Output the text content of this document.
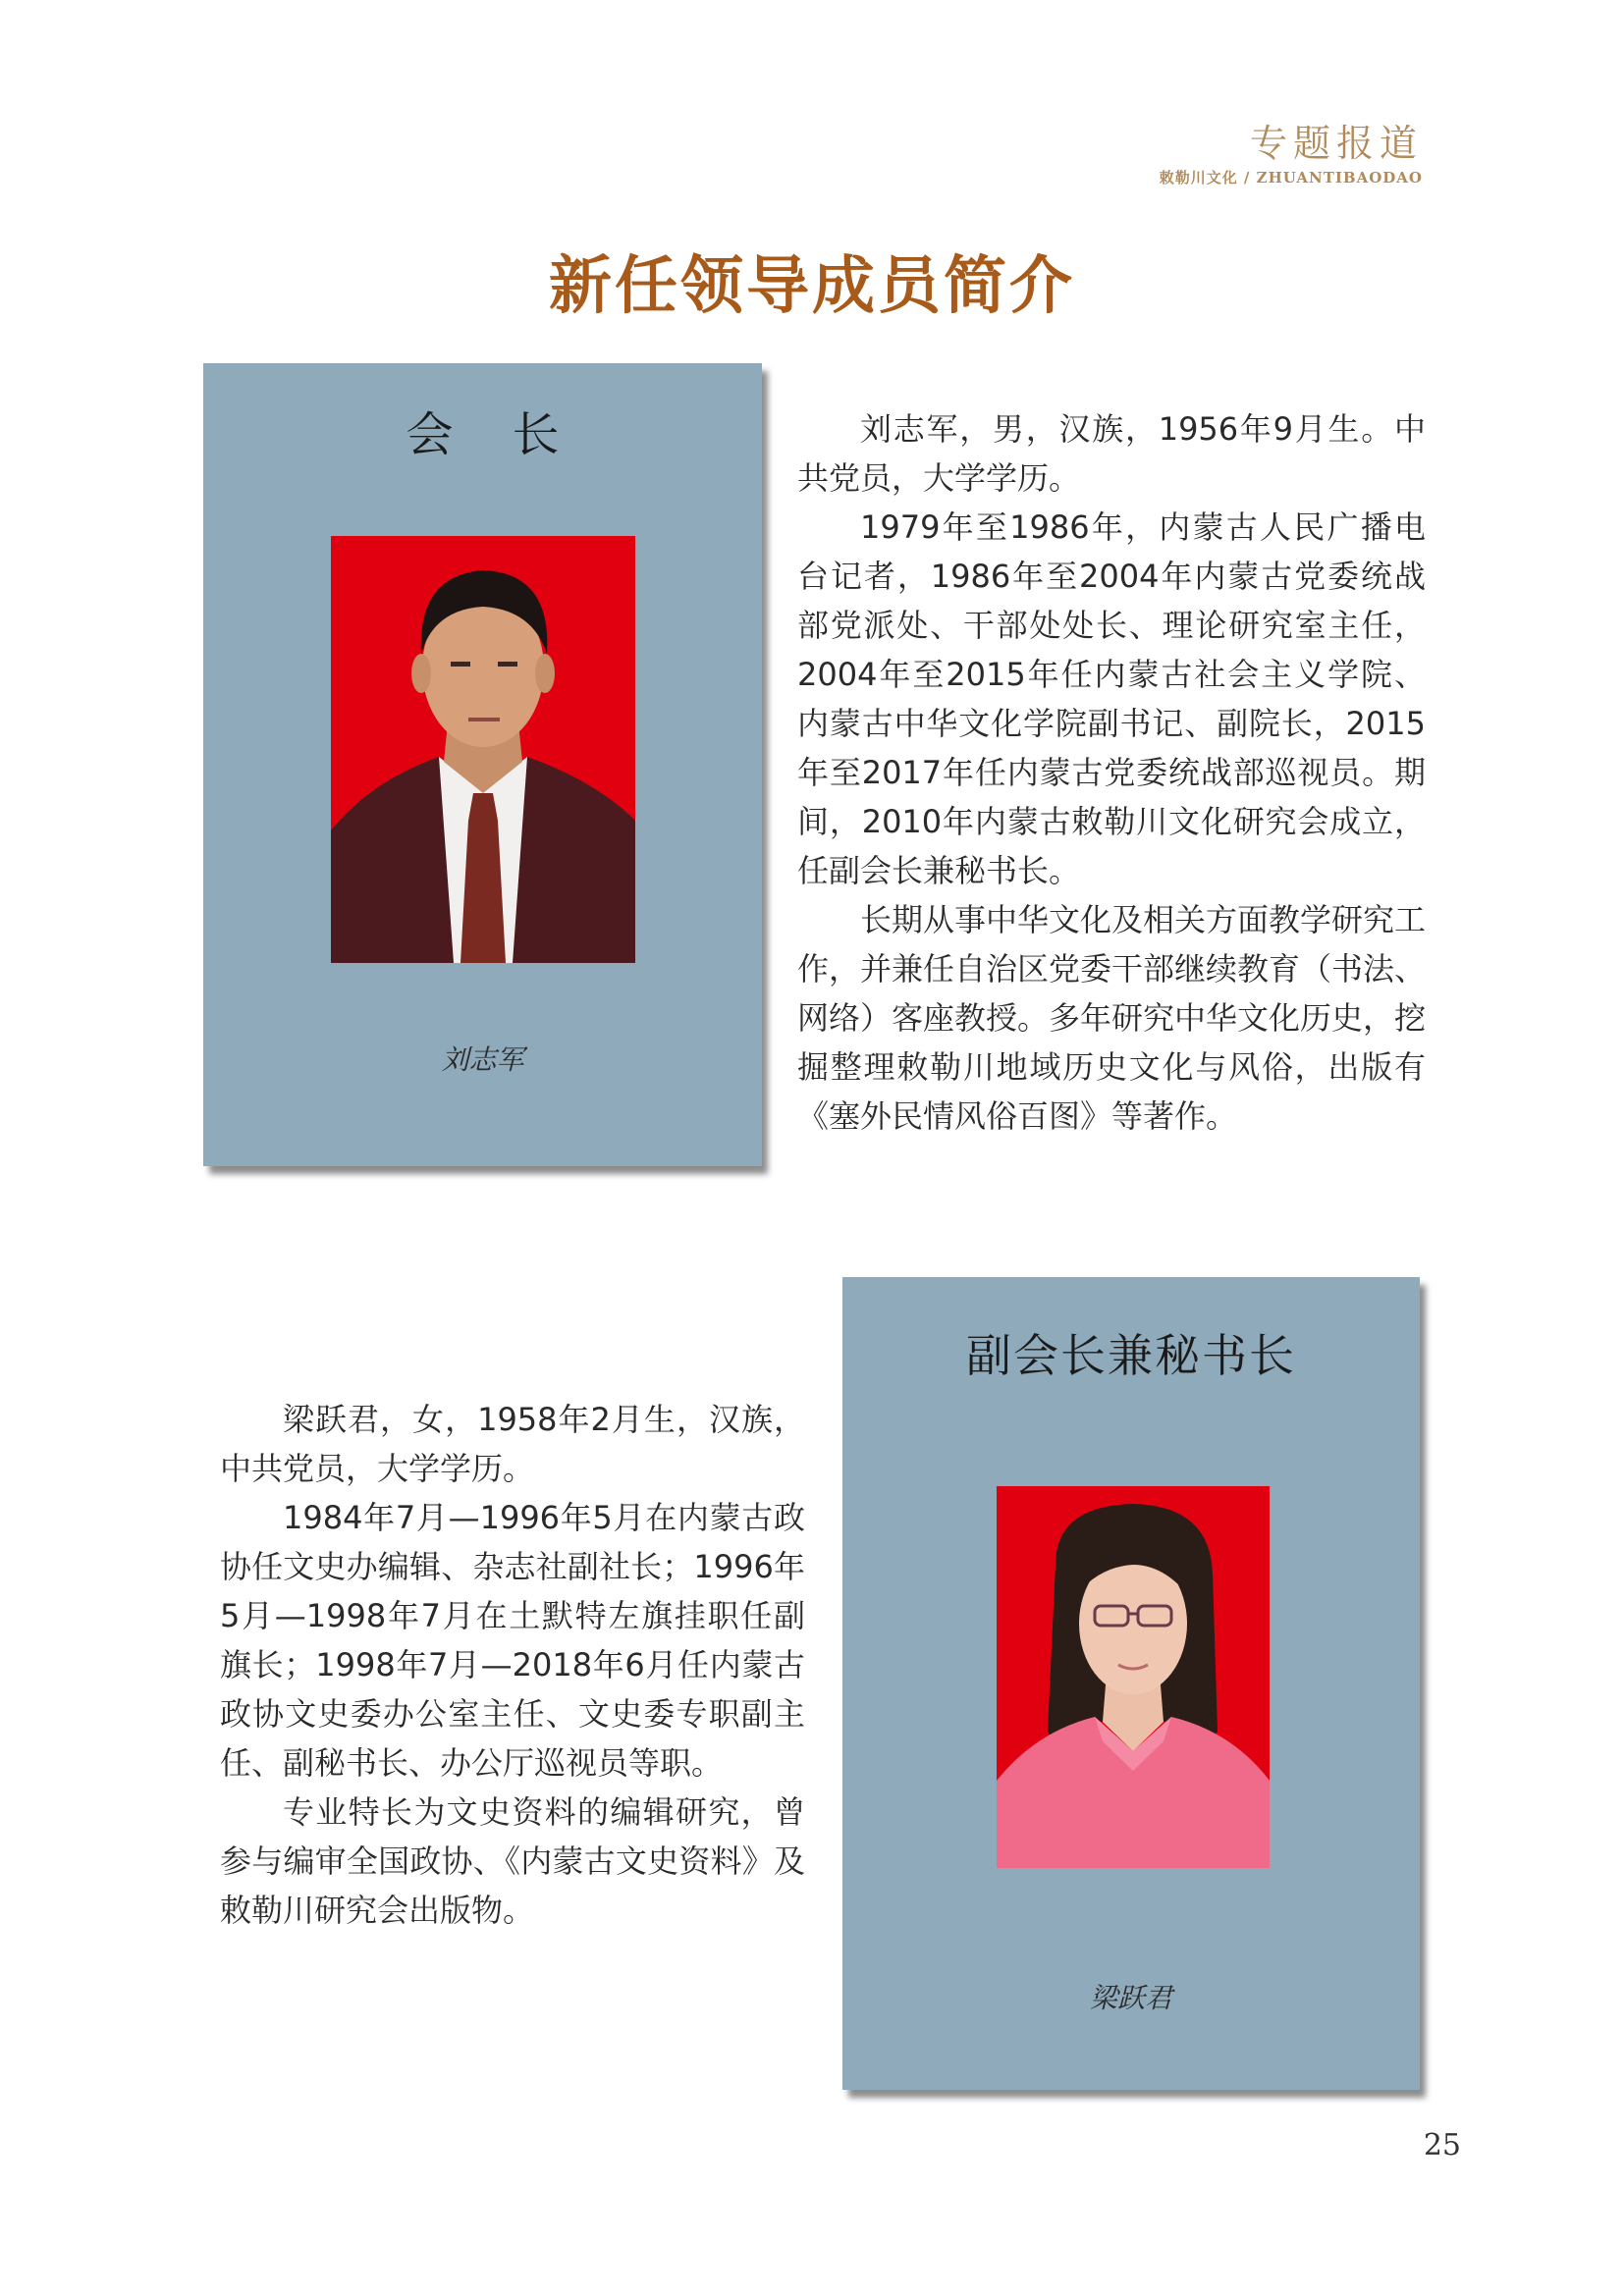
专题报道
敕勒川文化 / ZHUANTIBAODAO
新任领导成员简介
会长
刘志军

刘志军，男，汉族，1956年9月生。中共党员，大学学历。

1979年至1986年，内蒙古人民广播电台记者，1986年至2004年内蒙古党委统战部党派处、干部处处长、理论研究室主任，2004年至2015年任内蒙古社会主义学院、内蒙古中华文化学院副书记、副院长，2015年至2017年任内蒙古党委统战部巡视员。期间，2010年内蒙古敕勒川文化研究会成立，任副会长兼秘书长。

长期从事中华文化及相关方面教学研究工作，并兼任自治区党委干部继续教育（书法、网络）客座教授。多年研究中华文化历史，挖掘整理敕勒川地域历史文化与风俗，出版有《塞外民情风俗百图》等著作。

副会长兼秘书长
梁跃君

梁跃君，女，1958年2月生，汉族，中共党员，大学学历。

1984年7月—1996年5月在内蒙古政协任文史办编辑、杂志社副社长；1996年5月—1998年7月在土默特左旗挂职任副旗长；1998年7月—2018年6月任内蒙古政协文史委办公室主任、文史委专职副主任、副秘书长、办公厅巡视员等职。

专业特长为文史资料的编辑研究，曾参与编审全国政协、《内蒙古文史资料》及敕勒川研究会出版物。

25
